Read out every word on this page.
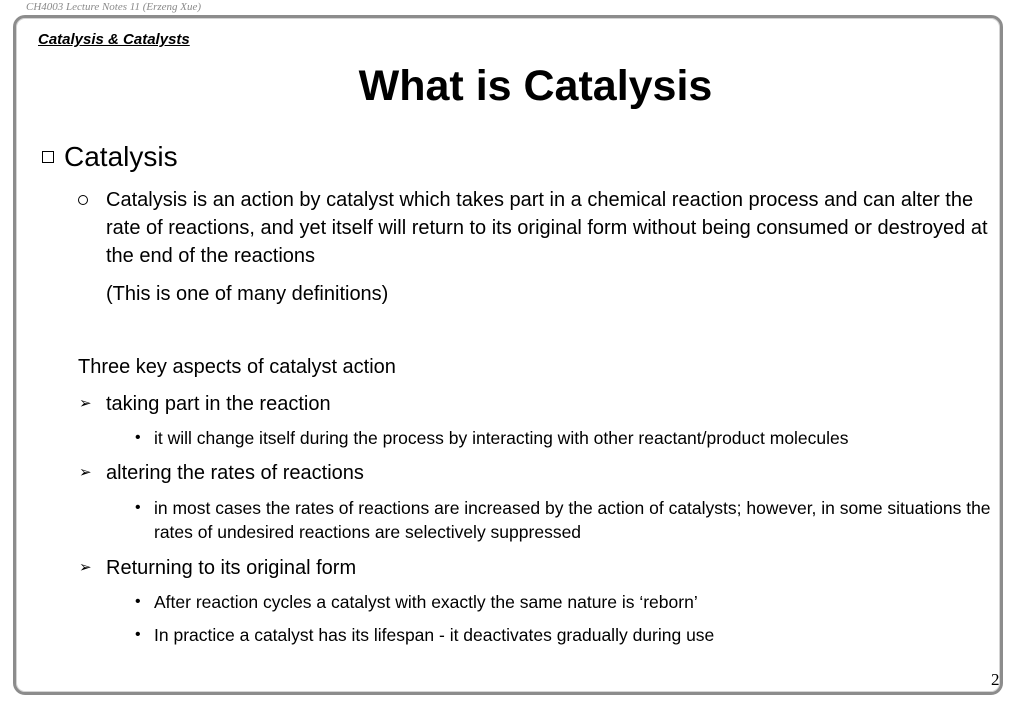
CH4003 Lecture Notes 11 (Erzeng Xue)
Catalysis & Catalysts
What is Catalysis
Catalysis
Catalysis is an action by catalyst which takes part in a chemical reaction process and can alter the rate of reactions, and yet itself will return to its original form without being consumed or destroyed at the end of the reactions
(This is one of many definitions)
Three key aspects of catalyst action
➢ taking part in the reaction
• it will change itself during the process by interacting with other reactant/product molecules
➢ altering the rates of reactions
• in most cases the rates of reactions are increased by the action of catalysts; however, in some situations the rates of undesired reactions are selectively suppressed
➢ Returning to its original form
• After reaction cycles a catalyst with exactly the same nature is ‘reborn’
• In practice a catalyst has its lifespan - it deactivates gradually during use
2
